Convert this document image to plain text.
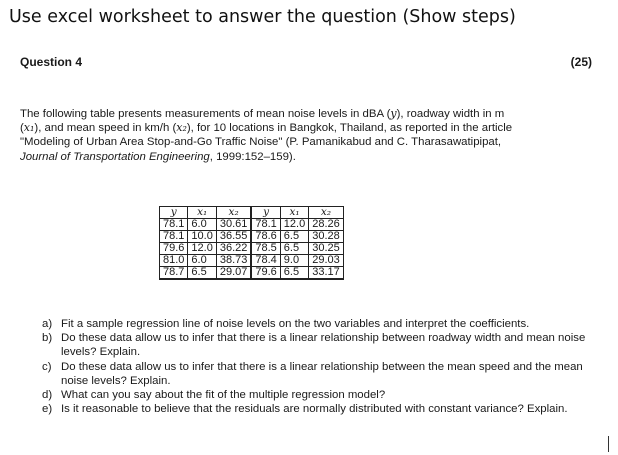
Use excel worksheet to answer the question (Show steps)
Question 4	(25)
The following table presents measurements of mean noise levels in dBA (y), roadway width in m
(x₁), and mean speed in km/h (x₂), for 10 locations in Bangkok, Thailand, as reported in the article
"Modeling of Urban Area Stop-and-Go Traffic Noise" (P. Pamanikabud and C. Tharasawatipipat,
Journal of Transportation Engineering, 1999:152–159).
y	x₁	x₂	y	x₁	x₂
78.1	6.0	30.61	78.1	12.0	28.26
78.1	10.0	36.55	78.6	6.5	30.28
79.6	12.0	36.22	78.5	6.5	30.25
81.0	6.0	38.73	78.4	9.0	29.03
78.7	6.5	29.07	79.6	6.5	33.17
a) Fit a sample regression line of noise levels on the two variables and interpret the coefficients.
b) Do these data allow us to infer that there is a linear relationship between roadway width and mean noise levels? Explain.
c) Do these data allow us to infer that there is a linear relationship between the mean speed and the mean noise levels? Explain.
d) What can you say about the fit of the multiple regression model?
e) Is it reasonable to believe that the residuals are normally distributed with constant variance? Explain.
